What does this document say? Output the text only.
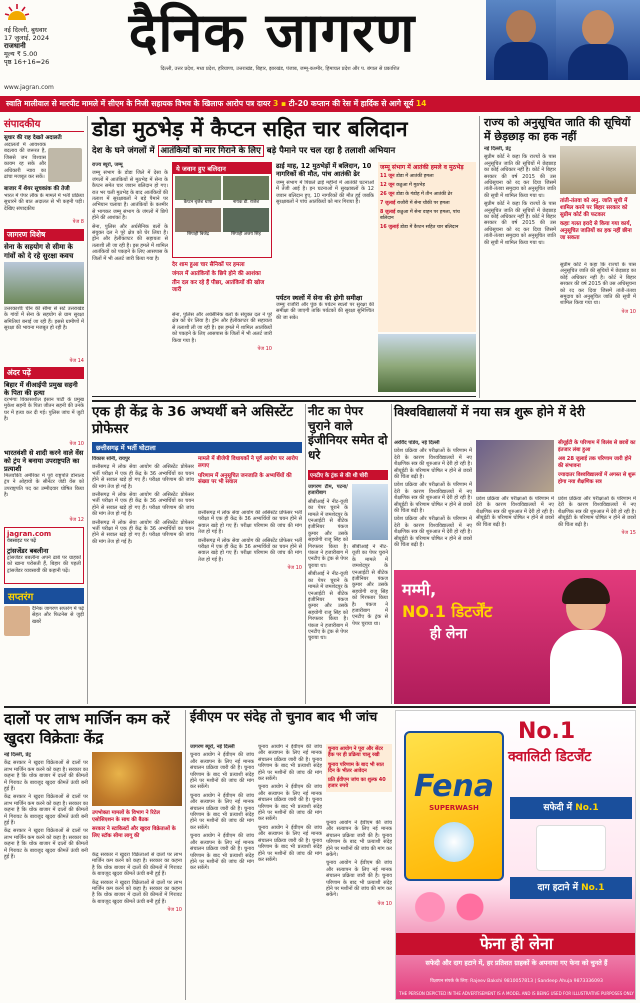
नई दिल्ली, बुधवार
17 जुलाई, 2024
राजधानी
मूल्य ₹ 5.00
पृष्ठ 16+16=26	दैनिक जागरण
दिल्ली, उत्तर प्रदेश, मध्य प्रदेश, हरियाणा, उत्तराखंड, बिहार, झारखंड, पंजाब, जम्मू-कश्मीर, हिमाचल प्रदेश और प. बंगाल से प्रकाशित
www.jagran.com
स्वाति मालीवाल से मारपीट मामले में सीएम के निजी सहायक विभव के खिलाफ आरोप पत्र दायर 3 ▪ टी-20 कप्तान की रेस में हार्दिक से आगे सूर्य 14
संपादकीय
सुधार की राह देखते अदालतेंः
अदालतों में आवश्यक बदलाव की जरूरत है, जिससे जन विश्वास कायम रह सके और अधिकारी न्याय का ढांचा मजबूत कर सकें।
बाजार में शेयर सूचकांक की तेजी
भारत में पेपर लीक के मामले में भर्ती प्रक्रिया सुधारने की बात अदालत से भी कहनी पड़ी। देखिए संपादकीय
पेज 8
जागरण विशेष
सेना के सहयोग से सीमा के गांवों को दे रहे सुरक्षा कवच
उत्तरकाशीः चीन की सीमा से सटे उत्तराखंड के गांवों में सेना के सहयोग से ग्राम सुरक्षा समितियां बनाई जा रही हैं। इससे ग्रामीणों में सुरक्षा की भावना मजबूत हो रही है।
पेज 14
अंदर पढ़ें
बिहार में वीआईपी प्रमुख सहनी के पिता की हत्या
दरभंगाः विकासशील इंसान पार्टी के प्रमुख मुकेश सहनी के पिता जीतन सहनी की उनके घर में हत्या कर दी गई। पुलिस जांच में जुटी है।
पेज 10
भारतवंशी से शादी करने वाले वेंस को ट्रंप ने बनाया उपराष्ट्रपति का प्रत्याशी
मिलवॉकीः अमेरिका में पूर्व राष्ट्रपति डोनाल्ड ट्रंप ने ओहायो के सीनेटर जेडी वेंस को उपराष्ट्रपति पद का उम्मीदवार घोषित किया है।
पेज 12
jagran.com
वेबसाइट पर पढ़ें
ट्रांसजेंडर बबलीना
ट्रांसजेंडर बबलीना अपने ढाबे पर ग्राहकों को खाना परोसती हैं, बिहार की पहली ट्रांसजेंडर व्यवसायी की कहानी पढ़ें।
सप्तरंग
दैनिक जागरण सप्तरंग में पढ़ें सेहत और फिटनेस से जुड़ी खबरें
डोडा मुठभेड़ में कैप्टन सहित चार बलिदान
देश के घने जंगलों में आतंकियों को मार गिराने के लिए बड़े पैमाने पर चल रहा है तलाशी अभियान

राज्य ब्यूरो, जम्मू

जम्मू संभाग के डोडा जिले में देसा के जंगलों में आतंकियों से मुठभेड़ में सेना के कैप्टन समेत चार जवान बलिदान हो गए। रात भर चली मुठभेड़ के बाद आतंकियों की तलाश में सुरक्षाबलों ने बड़े पैमाने पर अभियान चलाया है। आतंकियों के कश्मीर से भागकर जम्मू संभाग के जंगलों में छिपे होने की आशंका है।

सेना, पुलिस और अर्धसैनिक बलों के संयुक्त दल ने पूरे क्षेत्र को घेर लिया है। ड्रोन और हेलीकाप्टर की सहायता से तलाशी ली जा रही है। इस हमले में शामिल आतंकियों को पकड़ने के लिए आसपास के जिलों में भी अलर्ट जारी किया गया है।

ये जवान हुए बलिदान
कैप्टन बृजेश थापा	नायक डी. राजेश
सिपाही बिजेंद्र	सिपाही अजय सिंह
देर शाम हुआ चार सैनिकों पर हमला
जंगल में आतंकियों के छिपे होने की आशंका
तीन दल कर रहे हैं पीछा, आतंकियों की खोज जारी

सेना, पुलिस और अर्धसैनिक बलों के संयुक्त दल ने पूरे क्षेत्र को घेर लिया है। ड्रोन और हेलीकाप्टर की सहायता से तलाशी ली जा रही है। इस हमले में शामिल आतंकियों को पकड़ने के लिए आसपास के जिलों में भी अलर्ट जारी किया गया है।

पेज 10

ढाई माह, 12 मुठभेड़ों में बलिदान, 10 नागरिकों की मौत, पांच आतंकी ढेर
जम्मू संभाग में पिछले ढाई महीनों में आतंकी घटनाओं में तेजी आई है। इन घटनाओं में सुरक्षाबलों के 12 जवान बलिदान हुए, 10 नागरिकों की मौत हुई जबकि सुरक्षाबलों ने पांच आतंकियों को मार गिराया है।
पर्यटन स्थलों में सेना की होगी समीक्षा
जम्मूः राजौरी और पुंछ के पर्यटन स्थलों पर सुरक्षा की समीक्षा की जाएगी ताकि पर्यटकों की सुरक्षा सुनिश्चित की जा सके।
जम्मू संभाग में आतंकी हमले व मुठभेड़
11 जून डोडा में आतंकी हमला
12 जून कठुआ में मुठभेड़
26 जून डोडा के गंडोह में तीन आतंकी ढेर
7 जुलाई राजौरी में सेना चौकी पर हमला
8 जुलाई कठुआ में सेना वाहन पर हमला, पांच बलिदान
16 जुलाई डोडा में कैप्टन सहित चार बलिदान
राज्य को अनुसूचित जाति की सूचियों में छेड़छाड़ का हक नहीं

नई दिल्ली, प्रेट्र

सुप्रीम कोर्ट ने कहा कि राज्यों के पास अनुसूचित जाति की सूचियों में छेड़छाड़ का कोई अधिकार नहीं है। कोर्ट ने बिहार सरकार की वर्ष 2015 की उस अधिसूचना को रद कर दिया जिसमें तांती-तंतवा समुदाय को अनुसूचित जाति की सूची में शामिल किया गया था।

सुप्रीम कोर्ट ने कहा कि राज्यों के पास अनुसूचित जाति की सूचियों में छेड़छाड़ का कोई अधिकार नहीं है। कोर्ट ने बिहार सरकार की वर्ष 2015 की उस अधिसूचना को रद कर दिया जिसमें तांती-तंतवा समुदाय को अनुसूचित जाति की सूची में शामिल किया गया था।

तांती-तंतवा को अनु. जाति सूची में शामिल करने पर बिहार सरकार को सुप्रीम कोर्ट की फटकार
कहाः गलत इरादे से किया गया कार्य, अनुसूचित जातियों का हक नहीं छीना जा सकता

सुप्रीम कोर्ट ने कहा कि राज्यों के पास अनुसूचित जाति की सूचियों में छेड़छाड़ का कोई अधिकार नहीं है। कोर्ट ने बिहार सरकार की वर्ष 2015 की उस अधिसूचना को रद कर दिया जिसमें तांती-तंतवा समुदाय को अनुसूचित जाति की सूची में शामिल किया गया था।

पेज 10

एक ही केंद्र के 36 अभ्यर्थी बने असिस्टेंट प्रोफेसर
छत्तीसगढ़ में भर्ती घोटाला

विकास सोनी, रायपुर

छत्तीसगढ़ में लोक सेवा आयोग की असिस्टेंट प्रोफेसर भर्ती परीक्षा में एक ही केंद्र के 36 अभ्यर्थियों का चयन होने से सवाल खड़े हो गए हैं। परीक्षा परिणाम की जांच की मांग तेज हो गई है।

छत्तीसगढ़ में लोक सेवा आयोग की असिस्टेंट प्रोफेसर भर्ती परीक्षा में एक ही केंद्र के 36 अभ्यर्थियों का चयन होने से सवाल खड़े हो गए हैं। परीक्षा परिणाम की जांच की मांग तेज हो गई है।

छत्तीसगढ़ में लोक सेवा आयोग की असिस्टेंट प्रोफेसर भर्ती परीक्षा में एक ही केंद्र के 36 अभ्यर्थियों का चयन होने से सवाल खड़े हो गए हैं। परीक्षा परिणाम की जांच की मांग तेज हो गई है।

मामले में बीजेपी विधायकों ने पूर्व आयोग पर आरोप लगाए
परिणाम में अनुसूचित जनजाति के अभ्यर्थियों की संख्या पर भी सवाल

छत्तीसगढ़ में लोक सेवा आयोग की असिस्टेंट प्रोफेसर भर्ती परीक्षा में एक ही केंद्र के 36 अभ्यर्थियों का चयन होने से सवाल खड़े हो गए हैं। परीक्षा परिणाम की जांच की मांग तेज हो गई है।

छत्तीसगढ़ में लोक सेवा आयोग की असिस्टेंट प्रोफेसर भर्ती परीक्षा में एक ही केंद्र के 36 अभ्यर्थियों का चयन होने से सवाल खड़े हो गए हैं। परीक्षा परिणाम की जांच की मांग तेज हो गई है।

पेज 10

नीट का पेपर चुराने वाले इंजीनियर समेत दो धरे
एनटीए के ट्रंक से की थी चोरी

जागरण टीम, पटना/हजारीबाग

सीबीआई ने नीट-यूजी का पेपर चुराने के मामले में जमशेदपुर के एनआईटी से बीटेक इंजीनियर पंकज कुमार और उसके सहयोगी राजू सिंह को गिरफ्तार किया है। पंकज ने हजारीबाग में एनटीए के ट्रंक से पेपर चुराया था।

सीबीआई ने नीट-यूजी का पेपर चुराने के मामले में जमशेदपुर के एनआईटी से बीटेक इंजीनियर पंकज कुमार और उसके सहयोगी राजू सिंह को गिरफ्तार किया है। पंकज ने हजारीबाग में एनटीए के ट्रंक से पेपर चुराया था।

सीबीआई ने नीट-यूजी का पेपर चुराने के मामले में जमशेदपुर के एनआईटी से बीटेक इंजीनियर पंकज कुमार और उसके सहयोगी राजू सिंह को गिरफ्तार किया है। पंकज ने हजारीबाग में एनटीए के ट्रंक से पेपर चुराया था।

विश्वविद्यालयों में नया सत्र शुरू होने में देरी

अरविंद पांडेय, नई दिल्ली

प्रवेश प्रक्रिया और परीक्षाओं के परिणाम में देरी के कारण विश्वविद्यालयों में नए शैक्षणिक सत्र की शुरुआत में देरी हो रही है। सीयूईटी के परिणाम घोषित न होने से छात्रों की चिंता बढ़ी है।

प्रवेश प्रक्रिया और परीक्षाओं के परिणाम में देरी के कारण विश्वविद्यालयों में नए शैक्षणिक सत्र की शुरुआत में देरी हो रही है। सीयूईटी के परिणाम घोषित न होने से छात्रों की चिंता बढ़ी है।

प्रवेश प्रक्रिया और परीक्षाओं के परिणाम में देरी के कारण विश्वविद्यालयों में नए शैक्षणिक सत्र की शुरुआत में देरी हो रही है। सीयूईटी के परिणाम घोषित न होने से छात्रों की चिंता बढ़ी है।

सीयूईटी के परिणाम में विलंब से छात्रों का इंतजार लंबा हुआ
अब 28 जुलाई तक परिणाम जारी होने की संभावना
ज्यादातर विश्वविद्यालयों में अगस्त से शुरू होगा नया शैक्षणिक सत्र

प्रवेश प्रक्रिया और परीक्षाओं के परिणाम में देरी के कारण विश्वविद्यालयों में नए शैक्षणिक सत्र की शुरुआत में देरी हो रही है। सीयूईटी के परिणाम घोषित न होने से छात्रों की चिंता बढ़ी है।

प्रवेश प्रक्रिया और परीक्षाओं के परिणाम में देरी के कारण विश्वविद्यालयों में नए शैक्षणिक सत्र की शुरुआत में देरी हो रही है। सीयूईटी के परिणाम घोषित न होने से छात्रों की चिंता बढ़ी है।

पेज 15

मम्मी,
NO.1 डिटर्जेंट
ही लेना
दालों पर लाभ मार्जिन कम करें खुदरा विक्रेताः केंद्र

नई दिल्ली, प्रेट्र

केंद्र सरकार ने खुदरा विक्रेताओं से दालों पर लाभ मार्जिन कम करने को कहा है। सरकार का कहना है कि थोक बाजार में दालों की कीमतों में गिरावट के बावजूद खुदरा कीमतें ऊंची बनी हुई हैं।

केंद्र सरकार ने खुदरा विक्रेताओं से दालों पर लाभ मार्जिन कम करने को कहा है। सरकार का कहना है कि थोक बाजार में दालों की कीमतों में गिरावट के बावजूद खुदरा कीमतें ऊंची बनी हुई हैं।

केंद्र सरकार ने खुदरा विक्रेताओं से दालों पर लाभ मार्जिन कम करने को कहा है। सरकार का कहना है कि थोक बाजार में दालों की कीमतों में गिरावट के बावजूद खुदरा कीमतें ऊंची बनी हुई हैं।

उपभोक्ता मामलों के विभाग ने रिटेल एसोसिएशन के साथ की बैठक
सरकार ने स्टाकिस्टों और खुदरा विक्रेताओं के लिए स्टॉक सीमा लागू की

केंद्र सरकार ने खुदरा विक्रेताओं से दालों पर लाभ मार्जिन कम करने को कहा है। सरकार का कहना है कि थोक बाजार में दालों की कीमतों में गिरावट के बावजूद खुदरा कीमतें ऊंची बनी हुई हैं।

केंद्र सरकार ने खुदरा विक्रेताओं से दालों पर लाभ मार्जिन कम करने को कहा है। सरकार का कहना है कि थोक बाजार में दालों की कीमतों में गिरावट के बावजूद खुदरा कीमतें ऊंची बनी हुई हैं।

पेज 10

ईवीएम पर संदेह तो चुनाव बाद भी जांच

जागरण ब्यूरो, नई दिल्ली

चुनाव आयोग ने ईवीएम की जांच और सत्यापन के लिए नई मानक संचालन प्रक्रिया जारी की है। चुनाव परिणाम के बाद भी प्रत्याशी संदेह होने पर मशीनों की जांच की मांग कर सकेंगे।

चुनाव आयोग ने ईवीएम की जांच और सत्यापन के लिए नई मानक संचालन प्रक्रिया जारी की है। चुनाव परिणाम के बाद भी प्रत्याशी संदेह होने पर मशीनों की जांच की मांग कर सकेंगे।

चुनाव आयोग ने ईवीएम की जांच और सत्यापन के लिए नई मानक संचालन प्रक्रिया जारी की है। चुनाव परिणाम के बाद भी प्रत्याशी संदेह होने पर मशीनों की जांच की मांग कर सकेंगे।

चुनाव आयोग ने ईवीएम की जांच और सत्यापन के लिए नई मानक संचालन प्रक्रिया जारी की है। चुनाव परिणाम के बाद भी प्रत्याशी संदेह होने पर मशीनों की जांच की मांग कर सकेंगे।

चुनाव आयोग ने ईवीएम की जांच और सत्यापन के लिए नई मानक संचालन प्रक्रिया जारी की है। चुनाव परिणाम के बाद भी प्रत्याशी संदेह होने पर मशीनों की जांच की मांग कर सकेंगे।

चुनाव आयोग ने ईवीएम की जांच और सत्यापन के लिए नई मानक संचालन प्रक्रिया जारी की है। चुनाव परिणाम के बाद भी प्रत्याशी संदेह होने पर मशीनों की जांच की मांग कर सकेंगे।

चुनाव आयोग ने पूरा और सेंटर हैक पर ही प्रक्रिया चालू रखी
चुनाव परिणाम के बाद भी सात दिन के भीतर आवेदन
प्रति ईवीएम जांच का शुल्क 40 हजार रुपये

चुनाव आयोग ने ईवीएम की जांच और सत्यापन के लिए नई मानक संचालन प्रक्रिया जारी की है। चुनाव परिणाम के बाद भी प्रत्याशी संदेह होने पर मशीनों की जांच की मांग कर सकेंगे।

चुनाव आयोग ने ईवीएम की जांच और सत्यापन के लिए नई मानक संचालन प्रक्रिया जारी की है। चुनाव परिणाम के बाद भी प्रत्याशी संदेह होने पर मशीनों की जांच की मांग कर सकेंगे।

पेज 10

No.1
क्वालिटी डिटर्जेंट
Fena
SUPERWASH	सफेदी में No.1
दाग हटाने में No.1
फेना ही लेना
सफेदी और दाग हटाने में, हर प्रतिशत ग्राहकों के अपनाया गए फेना को चुनते हैं
विज्ञापन संपर्क के लिए: Rajeev Bakshi 9810057813 | Sandeep Ahuja 9873336093
THE PERSON DEPICTED IN THE ADVERTISEMENT IS A MODEL AND IS BEING USED FOR ILLUSTRATIVE PURPOSES ONLY
